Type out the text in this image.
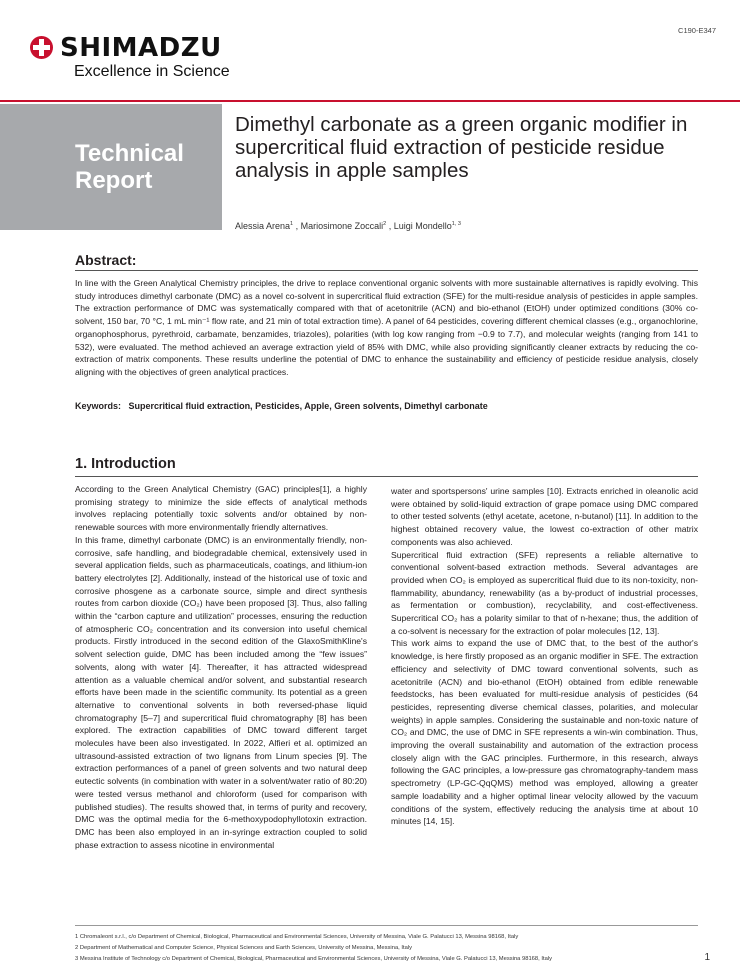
C190-E347
SHIMADZU
Excellence in Science
Technical
Report
Dimethyl carbonate as a green organic modifier in supercritical fluid extraction of pesticide residue analysis in apple samples
Alessia Arena$^1$ , Mariosimone Zoccali$^2$ , Luigi Mondello$^{1, 3}$
Abstract:

In line with the Green Analytical Chemistry principles, the drive to replace conventional organic solvents with more sustainable alternatives is rapidly evolving. This study introduces dimethyl carbonate (DMC) as a novel co-solvent in supercritical fluid extraction (SFE) for the multi-residue analysis of pesticides in apple samples. The extraction performance of DMC was systematically compared with that of acetonitrile (ACN) and bio-ethanol (EtOH) under optimized conditions (30% co-solvent, 150 bar, 70 °C, 1 mL min⁻¹ flow rate, and 21 min of total extraction time). A panel of 64 pesticides, covering different chemical classes (e.g., organochlorine, organophosphorus, pyrethroid, carbamate, benzamides, triazoles), polarities (with log kow ranging from −0.9 to 7.7), and molecular weights (ranging from 141 to 532), were evaluated. The method achieved an average extraction yield of 85% with DMC, while also providing significantly cleaner extracts by reducing the co-extraction of matrix components. These results underline the potential of DMC to enhance the sustainability and efficiency of pesticide residue analysis, closely aligning with the objectives of green analytical practices.

Keywords: Supercritical fluid extraction, Pesticides, Apple, Green solvents, Dimethyl carbonate
1. Introduction

According to the Green Analytical Chemistry (GAC) principles[1], a highly promising strategy to minimize the side effects of analytical methods involves replacing potentially toxic solvents and/or obtained by non-renewable sources with more environmentally friendly alternatives.

In this frame, dimethyl carbonate (DMC) is an environmentally friendly, non-corrosive, safe handling, and biodegradable chemical, extensively used in several application fields, such as pharmaceuticals, coatings, and lithium-ion battery electrolytes [2]. Additionally, instead of the historical use of toxic and corrosive phosgene as a carbonate source, simple and direct synthesis routes from carbon dioxide (CO₂) have been proposed [3]. Thus, also falling within the “carbon capture and utilization” processes, ensuring the reduction of atmospheric CO₂ concentration and its conversion into useful chemical products. Firstly introduced in the second edition of the GlaxoSmithKline's solvent selection guide, DMC has been included among the “few issues” solvents, along with water [4]. Thereafter, it has attracted widespread attention as a valuable chemical and/or solvent, and substantial research efforts have been made in the scientific community. Its potential as a green alternative to conventional solvents in both reversed-phase liquid chromatography [5–7] and supercritical fluid chromatography [8] has been explored. The extraction capabilities of DMC toward different target molecules have been also investigated. In 2022, Alfieri et al. optimized an ultrasound-assisted extraction of two lignans from Linum species [9]. The extraction performances of a panel of green solvents and two natural deep eutectic solvents (in combination with water in a solvent/water ratio of 80:20) were tested versus methanol and chloroform (used for comparison with published studies). The results showed that, in terms of purity and recovery, DMC was the optimal media for the 6-methoxypodophyllotoxin extraction. DMC has been also employed in an in-syringe extraction coupled to solid phase extraction to assess nicotine in environmental

water and sportspersons' urine samples [10]. Extracts enriched in oleanolic acid were obtained by solid-liquid extraction of grape pomace using DMC compared to other tested solvents (ethyl acetate, acetone, n-butanol) [11]. In addition to the highest obtained recovery value, the lowest co-extraction of other matrix components was also achieved.

Supercritical fluid extraction (SFE) represents a reliable alternative to conventional solvent-based extraction methods. Several advantages are provided when CO₂ is employed as supercritical fluid due to its non-toxicity, non-flammability, abundancy, renewability (as a by-product of industrial processes, as fermentation or combustion), recyclability, and cost-effectiveness. Supercritical CO₂ has a polarity similar to that of n-hexane; thus, the addition of a co-solvent is necessary for the extraction of polar molecules [12, 13].

This work aims to expand the use of DMC that, to the best of the author's knowledge, is here firstly proposed as an organic modifier in SFE. The extraction efficiency and selectivity of DMC toward conventional solvents, such as acetonitrile (ACN) and bio-ethanol (EtOH) obtained from edible renewable feedstocks, has been evaluated for multi-residue analysis of pesticides (64 pesticides, representing diverse chemical classes, polarities, and molecular weights) in apple samples. Considering the sustainable and non-toxic nature of CO₂ and DMC, the use of DMC in SFE represents a win-win combination. Thus, improving the overall sustainability and automation of the extraction process closely align with the GAC principles. Furthermore, in this research, always following the GAC principles, a low-pressure gas chromatography-tandem mass spectrometry (LP-GC-QqQMS) method was employed, allowing a greater sample loadability and a higher optimal linear velocity allowed by the vacuum conditions of the system, effectively reducing the analysis time at about 10 minutes [14, 15].

1 Chromaleont s.r.l., c/o Department of Chemical, Biological, Pharmaceutical and Environmental Sciences, University of Messina, Viale G. Palatucci 13, Messina 98168, Italy
2 Department of Mathematical and Computer Science, Physical Sciences and Earth Sciences, University of Messina, Messina, Italy
3 Messina Institute of Technology c/o Department of Chemical, Biological, Pharmaceutical and Environmental Sciences, University of Messina, Viale G. Palatucci 13, Messina 98168, Italy	1
